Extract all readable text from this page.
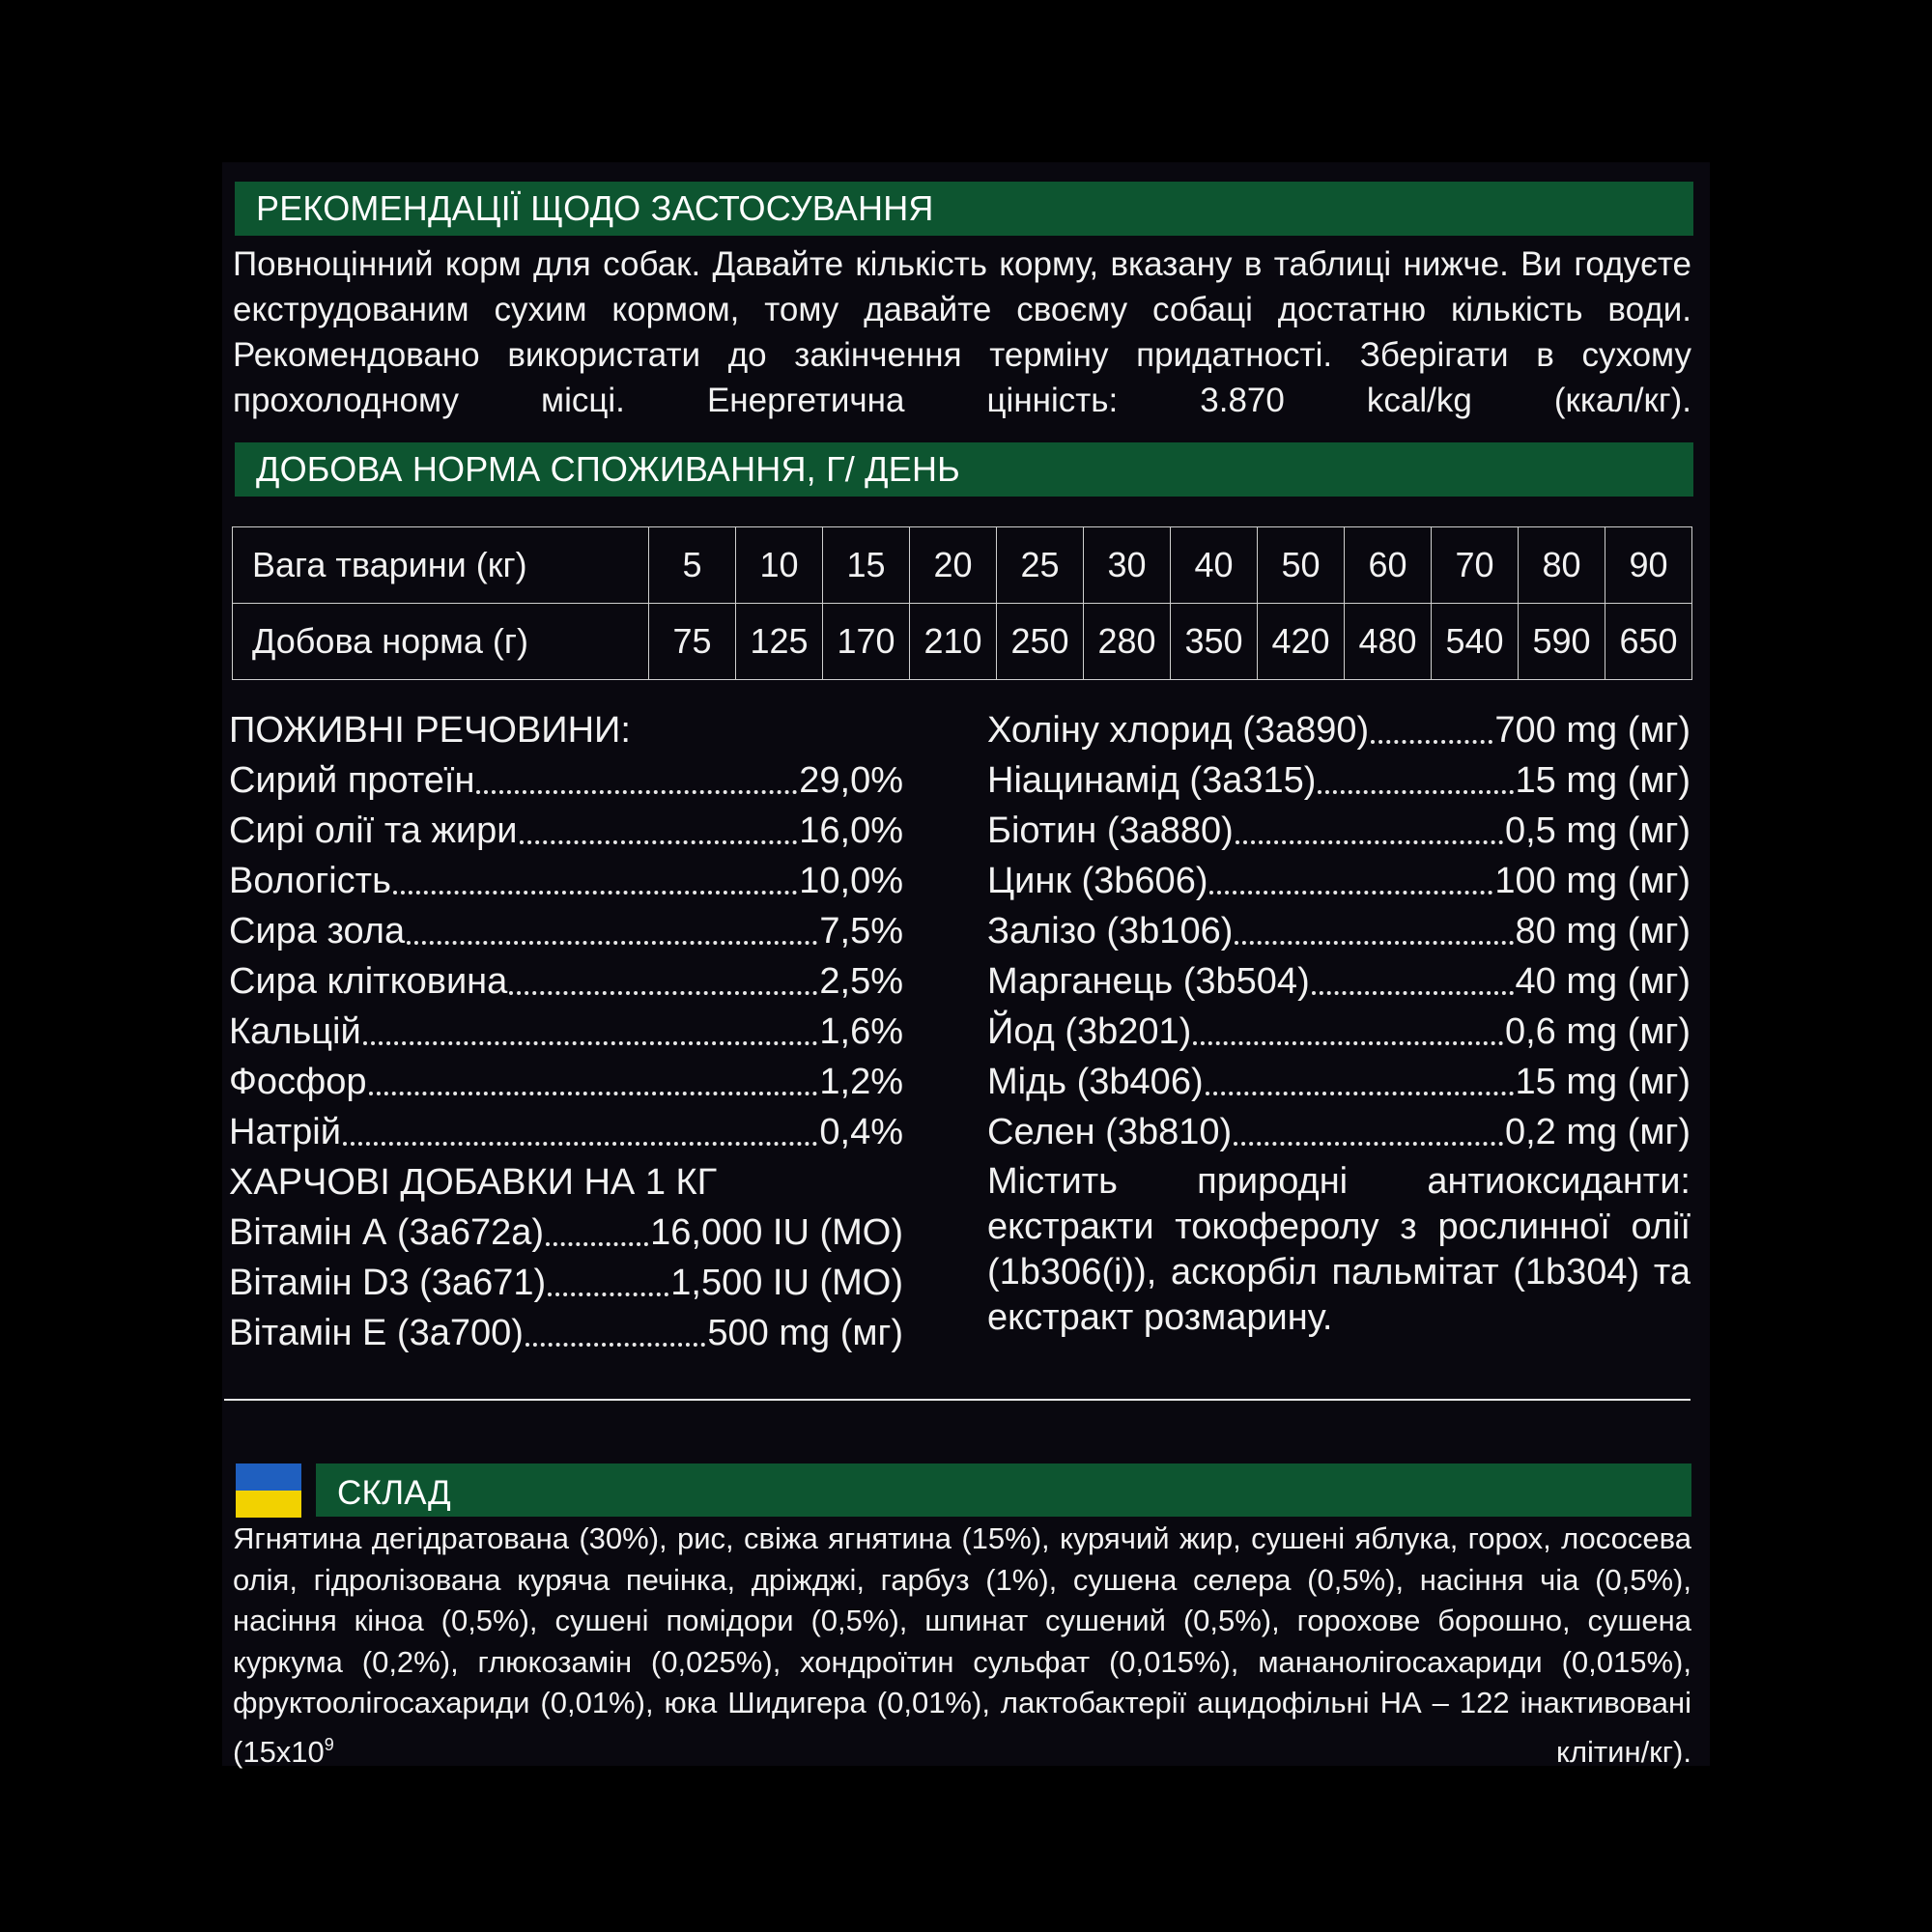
РЕКОМЕНДАЦІЇ ЩОДО ЗАСТОСУВАННЯ

Повноцінний корм для собак. Давайте кількість корму, вказану в таблиці нижче. Ви годуєте екструдованим сухим кормом, тому давайте своєму собаці достатню кількість води. Рекомендовано використати до закінчення терміну придатності. Зберігати в сухому прохолодному місці. Енергетична цінність: 3.870 kcal/kg (ккал/кг).

ДОБОВА НОРМА СПОЖИВАННЯ, Г/ ДЕНЬ
Вага тварини (кг)	5	10	15	20	25	30	40	50	60	70	80	90
Добова норма (г)	75	125	170	210	250	280	350	420	480	540	590	650
ПОЖИВНІ РЕЧОВИНИ:
Сирий протеїн	29,0%
Сирі олії та жири	16,0%
Вологість	10,0%
Сира зола	7,5%
Сира клітковина	2,5%
Кальцій	1,6%
Фосфор	1,2%
Натрій	0,4%
ХАРЧОВІ ДОБАВКИ НА 1 КГ
Вітамін А (3а672а)	16,000 IU (МО)
Вітамін D3 (3а671)	1,500 IU (МО)
Вітамін Е (3а700)	500 mg (мг)
Холіну хлорид (3а890)	700 mg (мг)
Ніацинамід (3а315)	15 mg (мг)
Біотин (3а880)	0,5 mg (мг)
Цинк (3b606)	100 mg (мг)
Залізо (3b106)	80 mg (мг)
Марганець (3b504)	40 mg (мг)
Йод (3b201)	0,6 mg (мг)
Мідь (3b406)	15 mg (мг)
Селен (3b810)	0,2 mg (мг)

Містить природні антиоксиданти: екстракти токоферолу з рослинної олії (1b306(i)), аскорбіл пальмітат (1b304) та екстракт розмарину.

СКЛАД

Ягнятина дегідратована (30%), рис, свіжа ягнятина (15%), курячий жир, сушені яблука, горох, лососева олія, гідролізована куряча печінка, дріжджі, гарбуз (1%), сушена селера (0,5%), насіння чіа (0,5%), насіння кіноа (0,5%), сушені помідори (0,5%), шпинат сушений (0,5%), горохове борошно, сушена куркума (0,2%), глюкозамін (0,025%), хондроїтин сульфат (0,015%), мананолігосахариди (0,015%), фруктоолігосахариди (0,01%), юка Шидигера (0,01%), лактобактерії ацидофільні НА – 122 інактивовані ($15х10^9$ клітин/кг).
